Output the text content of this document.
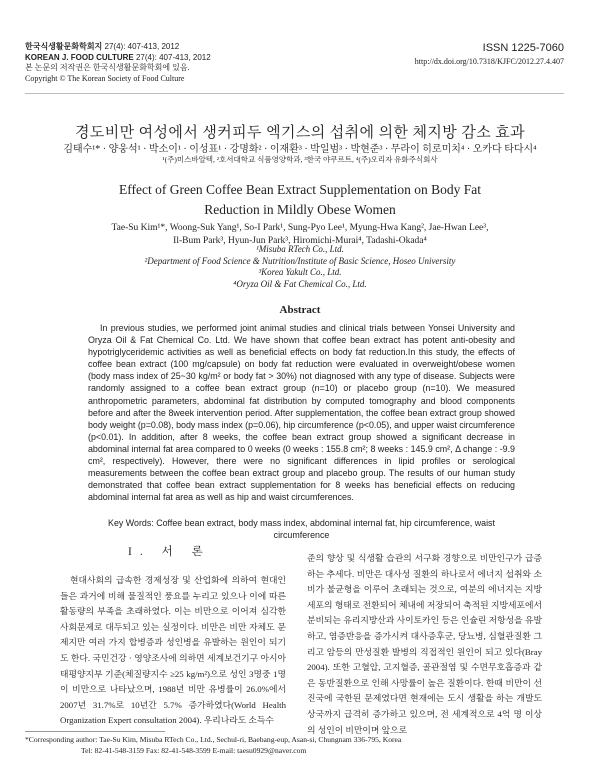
한국식생활문화학회지 27(4): 407-413, 2012
KOREAN J. FOOD CULTURE 27(4): 407-413, 2012
본 논문의 저작권은 한국식생활문화학회에 있음.
Copyright © The Korean Society of Food Culture
ISSN 1225-7060
http://dx.doi.org/10.7318/KJFC/2012.27.4.407
경도비만 여성에서 생커피두 엑기스의 섭취에 의한 체지방 감소 효과
김태수¹* · 양웅석¹ · 박소이¹ · 이성표¹ · 강명화² · 이재환³ · 박일범³ · 박현준³ · 무라이 히로미치⁴ · 오카다 타다시⁴
¹(주)미스바알텍, ²호서대학교 식품영양학과, ³한국 야쿠르트, ⁴(주)오리자 유화주식회사
Effect of Green Coffee Bean Extract Supplementation on Body Fat
Reduction in Mildly Obese Women
Tae-Su Kim¹*, Woong-Suk Yang¹, So-I Park¹, Sung-Pyo Lee¹, Myung-Hwa Kang², Jae-Hwan Lee³,
Il-Bum Park³, Hyun-Jun Park³, Hiromichi-Murai⁴, Tadashi-Okada⁴
¹Misuba RTech Co., Ltd.
²Department of Food Science & Nutrition/Institute of Basic Science, Hoseo University
³Korea Yakult Co., Ltd.
⁴Oryza Oil & Fat Chemical Co., Ltd.
Abstract
In previous studies, we performed joint animal studies and clinical trials between Yonsei University and Oryza Oil & Fat Chemical Co. Ltd. We have shown that coffee bean extract has potent anti-obesity and hypotriglyceridemic activities as well as beneficial effects on body fat reduction.In this study, the effects of coffee bean extract (100 mg/capsule) on body fat reduction were evaluated in overweight/obese women (body mass index of 25~30 kg/m² or body fat > 30%) not diagnosed with any type of disease. Subjects were randomly assigned to a coffee bean extract group (n=10) or placebo group (n=10). We measured anthropometric parameters, abdominal fat distribution by computed tomography and blood components before and after the 8week intervention period. After supplementation, the coffee bean extract group showed body weight (p=0.08), body mass index (p=0.06), hip circumference (p<0.05), and upper waist circumference (p<0.01). In addition, after 8 weeks, the coffee bean extract group showed a significant decrease in abdominal internal fat area compared to 0 weeks (0 weeks : 155.8 cm²; 8 weeks : 145.9 cm², Δ change : -9.9 cm², respectively). However, there were no significant differences in lipid profiles or serological measurements between the coffee bean extract group and placebo group. The results of our human study demonstrated that coffee bean extract supplementation for 8 weeks has beneficial effects on reducing abdominal internal fat area as well as hip and waist circumferences.
Key Words: Coffee bean extract, body mass index, abdominal internal fat, hip circumference, waist circumference
I. 서 론
현대사회의 급속한 경제성장 및 산업화에 의하여 현대인들은 과거에 비해 물질적인 풍요를 누리고 있으나 이에 따른 활동량의 부족을 초래하였다. 이는 비만으로 이어져 심각한 사회문제로 대두되고 있는 실정이다. 비만은 비만 자체도 문제지만 여러 가지 합병증과 성인병을 유발하는 원인이 되기도 한다. 국민건강 · 영양조사에 의하면 세계보건기구 아시아태평양지부 기준(체질량지수 ≥25 kg/m²)으로 성인 3명중 1명이 비만으로 나타났으며, 1988년 비만 유병률이 26.0%에서 2007년 31.7%로 10년간 5.7% 증가하였다(World Health Organization Expert consultation 2004). 우리나라도 소득수
준의 향상 및 식생활 습관의 서구화 경향으로 비만인구가 급증하는 추세다. 비만은 대사성 질환의 하나로서 에너지 섭취와 소비가 불균형을 이루어 초래되는 것으로, 여분의 에너지는 지방세포의 형태로 전환되어 체내에 저장되어 축적된 지방세포에서 분비되는 유리지방산과 사이토카인 등은 인슐린 저항성을 유발하고, 염증반응을 증가시켜 대사증후군, 당뇨병, 심혈관질환 그리고 암등의 만성질환 발병의 직접적인 원인이 되고 있다(Bray 2004). 또한 고혈압, 고지혈증, 골관절염 및 수면무호흡증과 같은 동반질환으로 인해 사망률이 높은 질환이다. 한때 비만이 선진국에 국한된 문제였다면 현재에는 도시 생활을 하는 개발도상국까지 급격히 증가하고 있으며, 전 세계적으로 4억 명 이상의 성인이 비만이며 앞으로
*Corresponding author: Tae-Su Kim, Misuba RTech Co., Ltd., Sechul-ri, Baebang-eup, Asan-si, Chungnam 336-795, Korea
Tel: 82-41-548-3159 Fax: 82-41-548-3599 E-mail: taesu0929@naver.com
